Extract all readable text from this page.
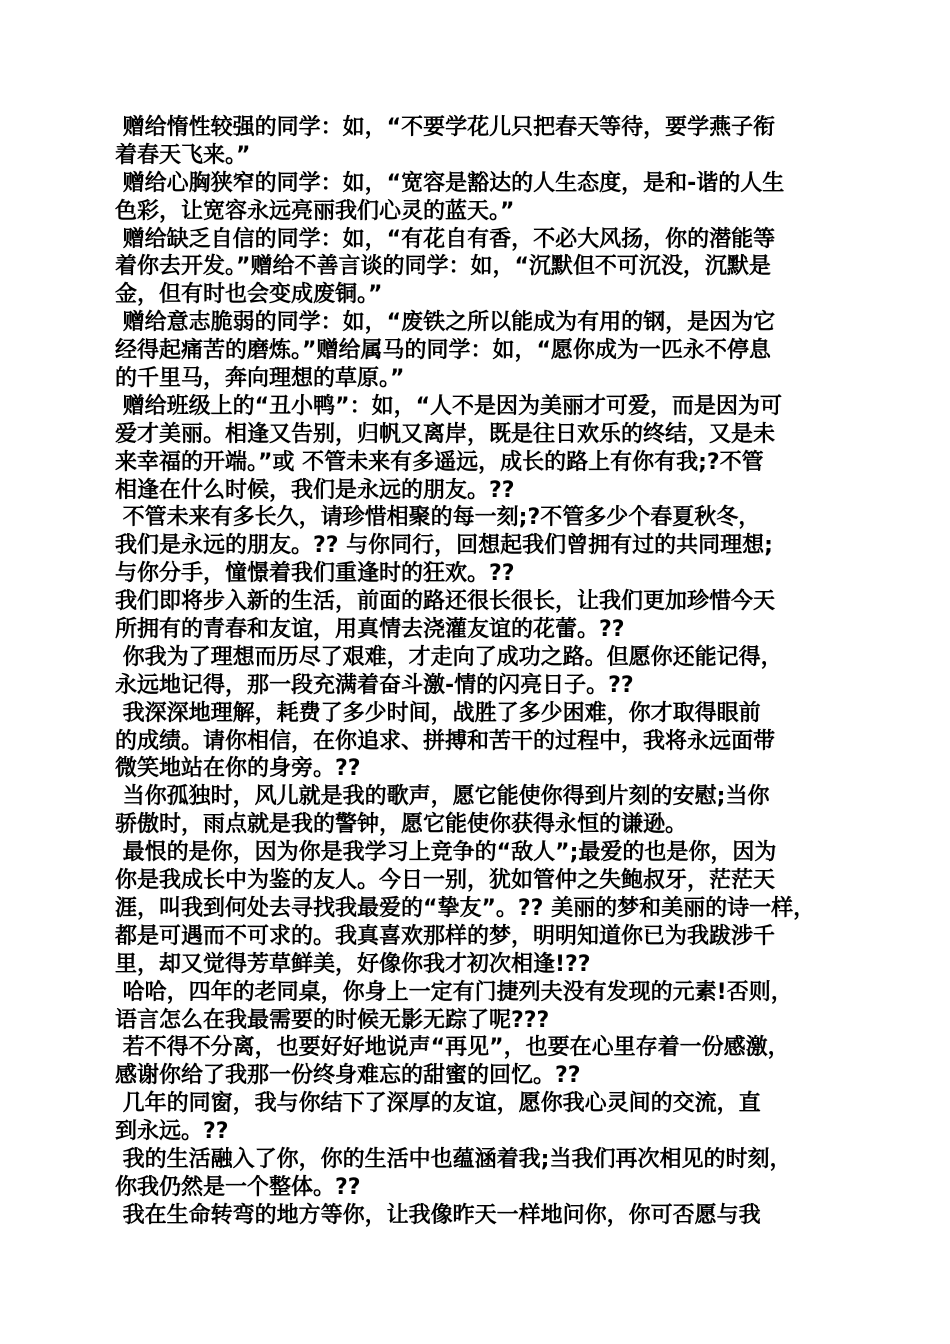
赠给惰性较强的同学：如，“不要学花儿只把春天等待，要学燕子衔
着春天飞来。”
赠给心胸狭窄的同学：如，“宽容是豁达的人生态度，是和-谐的人生
色彩，让宽容永远亮丽我们心灵的蓝天。”
赠给缺乏自信的同学：如，“有花自有香，不必大风扬，你的潜能等
着你去开发。”赠给不善言谈的同学：如，“沉默但不可沉没，沉默是
金，但有时也会变成废铜。”
赠给意志脆弱的同学：如，“废铁之所以能成为有用的钢，是因为它
经得起痛苦的磨炼。”赠给属马的同学：如，“愿你成为一匹永不停息
的千里马，奔向理想的草原。”
赠给班级上的“丑小鸭”：如，“人不是因为美丽才可爱，而是因为可
爱才美丽。相逢又告别，归帆又离岸，既是往日欢乐的终结，又是未
来幸福的开端。”或 不管未来有多遥远，成长的路上有你有我;?不管
相逢在什么时候，我们是永远的朋友。??
不管未来有多长久，请珍惜相聚的每一刻;?不管多少个春夏秋冬，
我们是永远的朋友。?? 与你同行，回想起我们曾拥有过的共同理想;
与你分手，憧憬着我们重逢时的狂欢。??
我们即将步入新的生活，前面的路还很长很长，让我们更加珍惜今天
所拥有的青春和友谊，用真情去浇灌友谊的花蕾。??
你我为了理想而历尽了艰难，才走向了成功之路。但愿你还能记得，
永远地记得，那一段充满着奋斗激-情的闪亮日子。??
我深深地理解，耗费了多少时间，战胜了多少困难，你才取得眼前
的成绩。请你相信，在你追求、拼搏和苦干的过程中，我将永远面带
微笑地站在你的身旁。??
当你孤独时，风儿就是我的歌声，愿它能使你得到片刻的安慰;当你
骄傲时，雨点就是我的警钟，愿它能使你获得永恒的谦逊。
最恨的是你，因为你是我学习上竞争的“敌人”;最爱的也是你，因为
你是我成长中为鉴的友人。今日一别，犹如管仲之失鲍叔牙，茫茫天
涯，叫我到何处去寻找我最爱的“挚友”。?? 美丽的梦和美丽的诗一样，
都是可遇而不可求的。我真喜欢那样的梦，明明知道你已为我跋涉千
里，却又觉得芳草鲜美，好像你我才初次相逢!??
哈哈，四年的老同桌，你身上一定有门捷列夫没有发现的元素!否则，
语言怎么在我最需要的时候无影无踪了呢???
若不得不分离，也要好好地说声“再见”，也要在心里存着一份感激，
感谢你给了我那一份终身难忘的甜蜜的回忆。??
几年的同窗，我与你结下了深厚的友谊，愿你我心灵间的交流，直
到永远。??
我的生活融入了你，你的生活中也蕴涵着我;当我们再次相见的时刻，
你我仍然是一个整体。??
我在生命转弯的地方等你，让我像昨天一样地问你，你可否愿与我
